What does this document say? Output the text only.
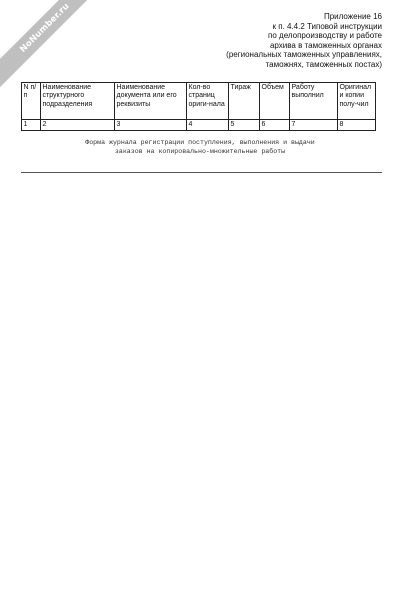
NoNumber.ru	Приложение 16
к п. 4.4.2 Типовой инструкции
по делопроизводству и работе
архива в таможенных органах
(региональных таможенных управлениях,
таможнях, таможенных постах)
N п/п	Наименование структурного подразделения	Наименование документа или его реквизиты	Кол-во страниц ориги-нала	Тираж	Объем	Работу выполнил	Оригинал и копии полу-чил
1	2	3	4	5	6	7	8
Форма журнала регистрации поступления, выполнения и выдачи
заказов на копировально-множительные работы
